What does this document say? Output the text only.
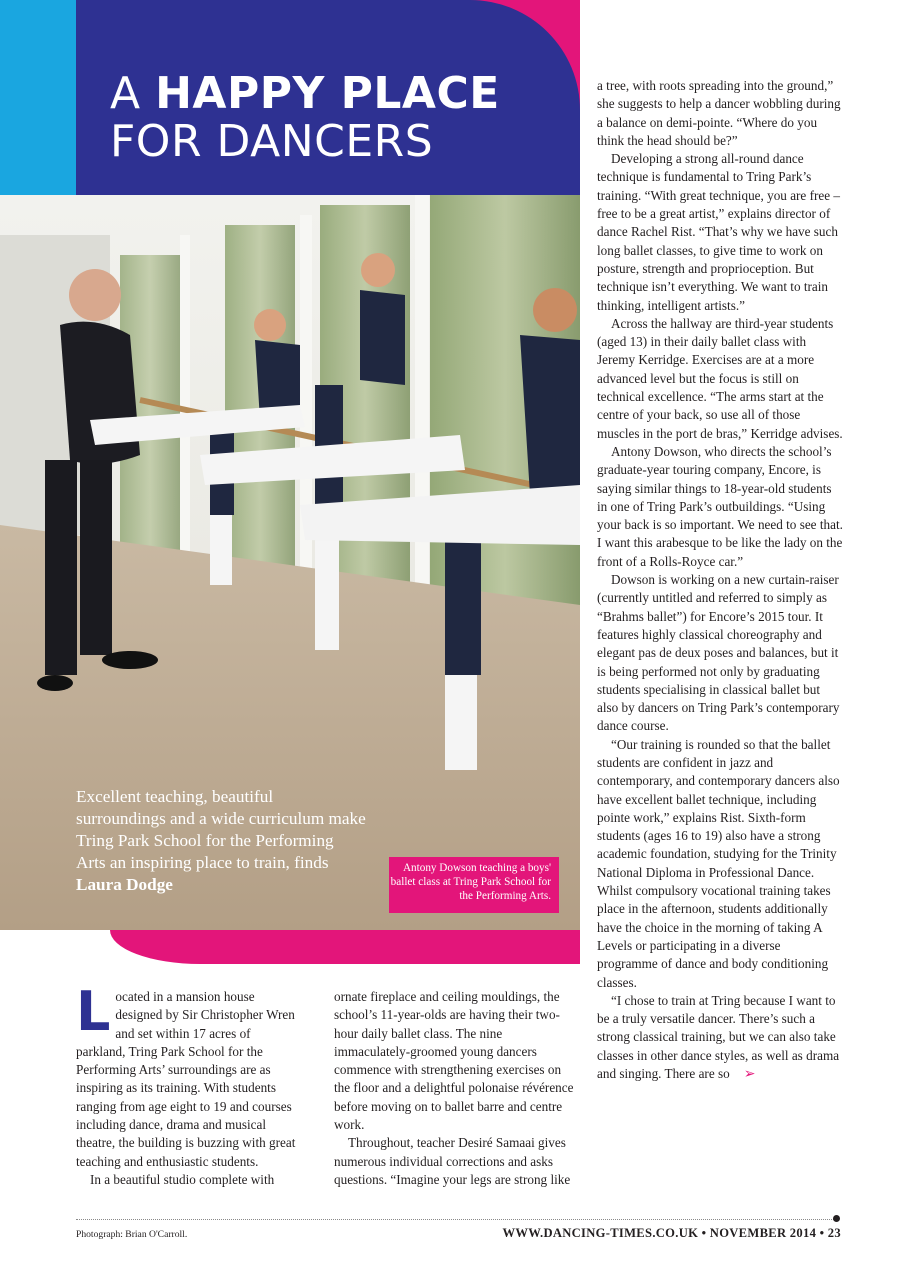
A HAPPY PLACE
FOR DANCERS

Excellent teaching, beautiful surroundings and a wide curriculum make Tring Park School for the Performing Arts an inspiring place to train, finds
Laura Dodge

Antony Dowson teaching a boys' ballet class at Tring Park School for the Performing Arts.

Located in a mansion house designed by Sir Christopher Wren and set within 17 acres of parkland, Tring Park School for the Performing Arts’ surroundings are as inspiring as its training. With students ranging from age eight to 19 and courses including dance, drama and musical theatre, the building is buzzing with great teaching and enthusiastic students.

In a beautiful studio complete with

ornate fireplace and ceiling mouldings, the school’s 11-year-olds are having their two-hour daily ballet class. The nine immaculately-groomed young dancers commence with strengthening exercises on the floor and a delightful polonaise révérence before moving on to ballet barre and centre work.

Throughout, teacher Desiré Samaai gives numerous individual corrections and asks questions. “Imagine your legs are strong like

a tree, with roots spreading into the ground,” she suggests to help a dancer wobbling during a balance on demi-pointe. “Where do you think the head should be?”

Developing a strong all-round dance technique is fundamental to Tring Park’s training. “With great technique, you are free – free to be a great artist,” explains director of dance Rachel Rist. “That’s why we have such long ballet classes, to give time to work on posture, strength and proprioception. But technique isn’t everything. We want to train thinking, intelligent artists.”

Across the hallway are third-year students (aged 13) in their daily ballet class with Jeremy Kerridge. Exercises are at a more advanced level but the focus is still on technical excellence. “The arms start at the centre of your back, so use all of those muscles in the port de bras,” Kerridge advises.

Antony Dowson, who directs the school’s graduate-year touring company, Encore, is saying similar things to 18-year-old students in one of Tring Park’s outbuildings. “Using your back is so important. We need to see that. I want this arabesque to be like the lady on the front of a Rolls-Royce car.”

Dowson is working on a new curtain-raiser (currently untitled and referred to simply as “Brahms ballet”) for Encore’s 2015 tour. It features highly classical choreography and elegant pas de deux poses and balances, but it is being performed not only by graduating students specialising in classical ballet but also by dancers on Tring Park’s contemporary dance course.

“Our training is rounded so that the ballet students are confident in jazz and contemporary, and contemporary dancers also have excellent ballet technique, including pointe work,” explains Rist. Sixth-form students (ages 16 to 19) also have a strong academic foundation, studying for the Trinity National Diploma in Professional Dance. Whilst compulsory vocational training takes place in the afternoon, students additionally have the choice in the morning of taking A Levels or participating in a diverse programme of dance and body conditioning classes.

“I chose to train at Tring because I want to be a truly versatile dancer. There’s such a strong classical training, but we can also take classes in other dance styles, as well as drama and singing. There are so ➢

Photograph: Brian O'Carroll.	WWW.DANCING-TIMES.CO.UK • NOVEMBER 2014 • 23
